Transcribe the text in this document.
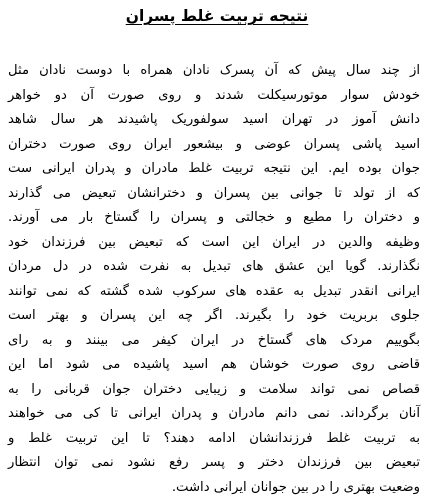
نتیجه تربیت غلط پسران
از چند سال پیش که آن پسرک نادان همراه با دوست نادان مثل
خودش سوار موتورسیکلت شدند و روی صورت آن دو خواهر
دانش آموز در تهران اسید سولفوریک پاشیدند هر سال شاهد
اسید پاشی پسران عوضی و بیشعور ایران روی صورت دختران
جوان بوده ایم. این نتیجه تربیت غلط مادران و پدران ایرانی ست
که از تولد تا جوانی بین پسران و دخترانشان تبعیض می گذارند
و دختران را مطیع و خجالتی و پسران را گستاخ بار می آورند.
وظیفه والدین در ایران این است که تبعیض بین فرزندان خود
نگذارند. گویا این عشق های تبدیل به نفرت شده در دل مردان
ایرانی انقدر تبدیل به عقده های سرکوب شده گشته که نمی توانند
جلوی بربریت خود را بگیرند. اگر چه این پسران و بهتر است
بگوییم مردک های گستاخ در ایران کیفر می بینند و به رای
قاضی روی صورت خوشان هم اسید پاشیده می شود اما این
قصاص نمی تواند سلامت و زیبایی دختران جوان قربانی را به
آنان برگرداند. نمی دانم مادران و پدران ایرانی تا کی می خواهند
به تربیت غلط فرزندانشان ادامه دهند؟ تا این تربیت غلط و
تبعیض بین فرزندان دختر و پسر رفع نشود نمی توان انتظار
وضعیت بهتری را در بین جوانان ایرانی داشت.
